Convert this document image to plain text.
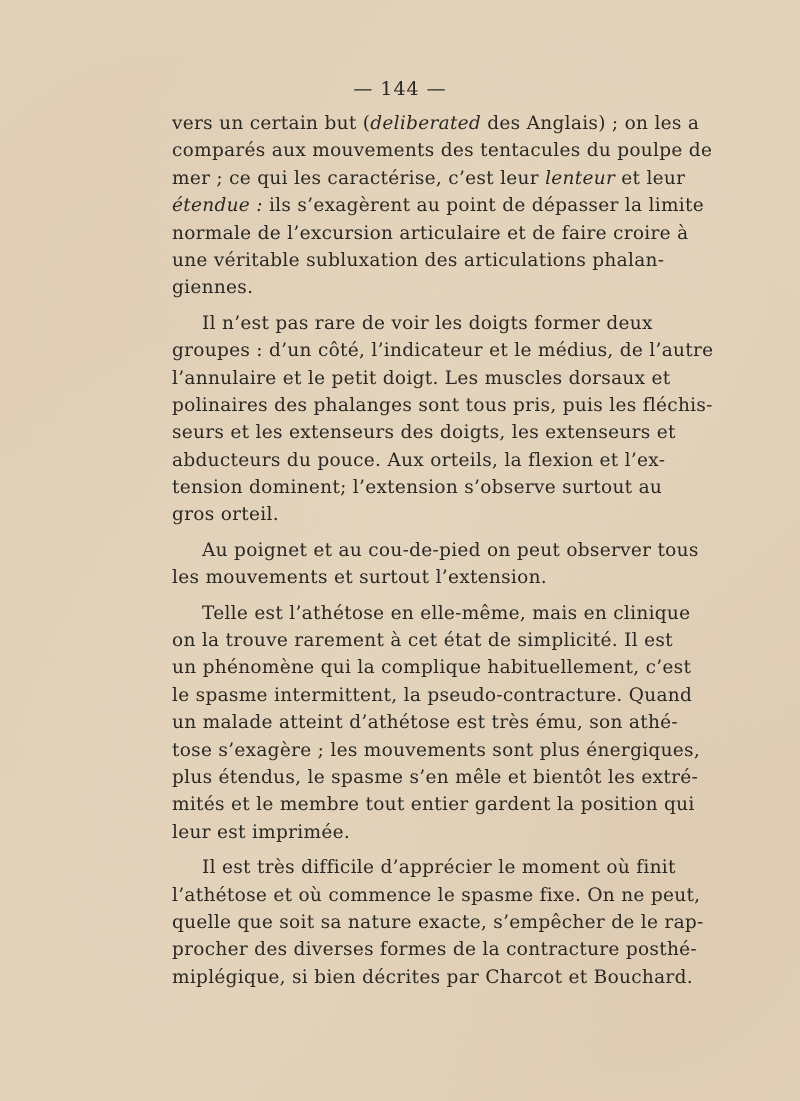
— 144 —
vers un certain but (deliberated des Anglais) ; on les a
comparés aux mouvements des tentacules du poulpe de
mer ; ce qui les caractérise, c’est leur lenteur et leur
étendue : ils s’exagèrent au point de dépasser la limite
normale de l’excursion articulaire et de faire croire à
une véritable subluxation des articulations phalan-
giennes.
Il n’est pas rare de voir les doigts former deux
groupes : d’un côté, l’indicateur et le médius, de l’autre
l’annulaire et le petit doigt. Les muscles dorsaux et
polinaires des phalanges sont tous pris, puis les fléchis-
seurs et les extenseurs des doigts, les extenseurs et
abducteurs du pouce. Aux orteils, la flexion et l’ex-
tension dominent; l’extension s’observe surtout au
gros orteil.
Au poignet et au cou-de-pied on peut observer tous
les mouvements et surtout l’extension.
Telle est l’athétose en elle-même, mais en clinique
on la trouve rarement à cet état de simplicité. Il est
un phénomène qui la complique habituellement, c’est
le spasme intermittent, la pseudo-contracture. Quand
un malade atteint d’athétose est très ému, son athé-
tose s’exagère ; les mouvements sont plus énergiques,
plus étendus, le spasme s’en mêle et bientôt les extré-
mités et le membre tout entier gardent la position qui
leur est imprimée.
Il est très difficile d’apprécier le moment où finit
l’athétose et où commence le spasme fixe. On ne peut,
quelle que soit sa nature exacte, s’empêcher de le rap-
procher des diverses formes de la contracture posthé-
miplégique, si bien décrites par Charcot et Bouchard.
